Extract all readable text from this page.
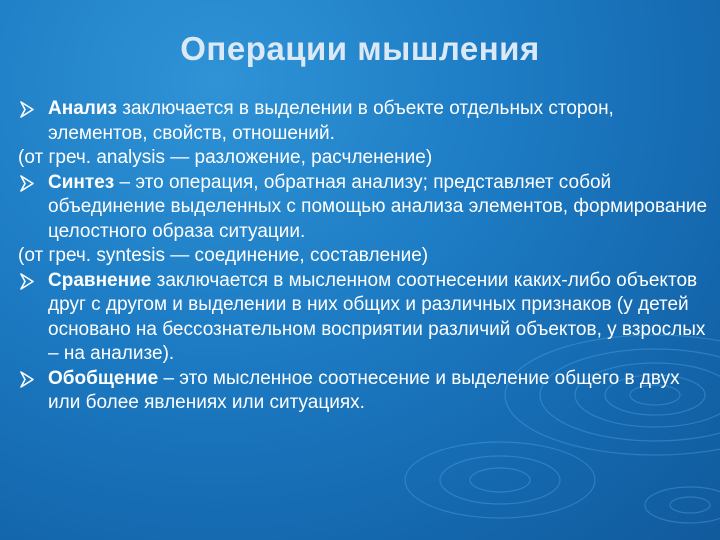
Операции мышления
Анализ заключается в выделении в объекте отдельных сторон, элементов, свойств, отношений.
(от греч. analysis — разложение, расчленение)
Синтез – это операция, обратная анализу; представляет собой объединение выделенных с помощью анализа элементов, формирование целостного образа ситуации.
(от греч. syntesis — соединение, составление)
Сравнение заключается в мысленном соотнесении каких-либо объектов друг с другом и выделении в них общих и различных признаков (у детей основано на бессознательном восприятии различий объектов, у взрослых – на анализе).
Обобщение – это мысленное соотнесение и выделение общего в двух или более явлениях или ситуациях.
